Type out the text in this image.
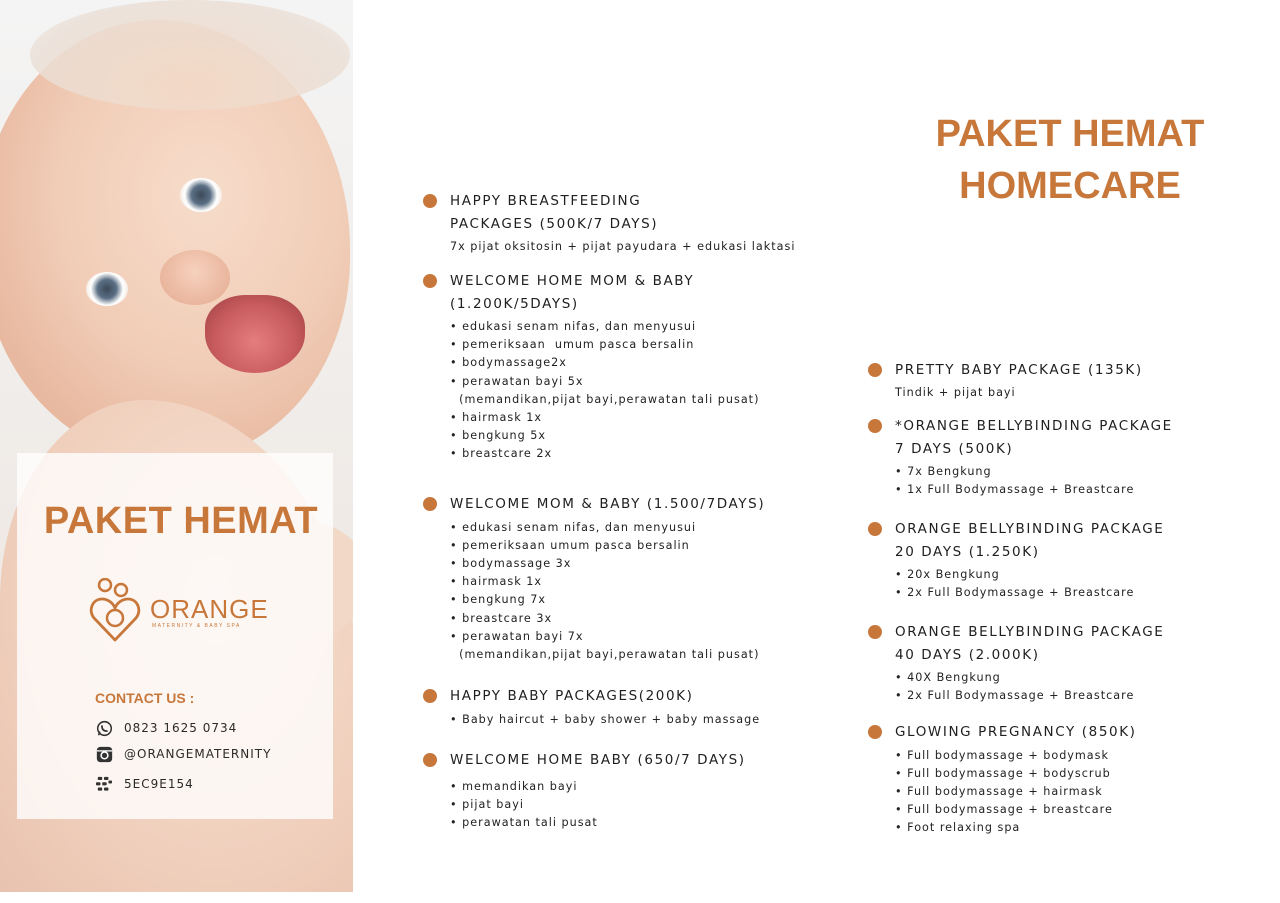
PAKET HEMAT
ORANGE
MATERNITY & BABY SPA
CONTACT US :
0823 1625 0734
@ORANGEMATERNITY
5EC9E154
PAKET HEMAT
HOMECARE
HAPPY BREASTFEEDING
PACKAGES (500K/7 DAYS)
7x pijat oksitosin + pijat payudara + edukasi laktasi
WELCOME HOME MOM & BABY
(1.200K/5DAYS)
• edukasi senam nifas, dan menyusui
• pemeriksaan  umum pasca bersalin
• bodymassage2x
• perawatan bayi 5x
(memandikan,pijat bayi,perawatan tali pusat)
• hairmask 1x
• bengkung 5x
• breastcare 2x
WELCOME MOM & BABY (1.500/7DAYS)
• edukasi senam nifas, dan menyusui
• pemeriksaan umum pasca bersalin
• bodymassage 3x
• hairmask 1x
• bengkung 7x
• breastcare 3x
• perawatan bayi 7x
(memandikan,pijat bayi,perawatan tali pusat)
HAPPY BABY PACKAGES(200K)
• Baby haircut + baby shower + baby massage
WELCOME HOME BABY (650/7 DAYS)
• memandikan bayi
• pijat bayi
• perawatan tali pusat
PRETTY BABY PACKAGE (135K)
Tindik + pijat bayi
*ORANGE BELLYBINDING PACKAGE
7 DAYS (500K)
• 7x Bengkung
• 1x Full Bodymassage + Breastcare
ORANGE BELLYBINDING PACKAGE
20 DAYS (1.250K)
• 20x Bengkung
• 2x Full Bodymassage + Breastcare
ORANGE BELLYBINDING PACKAGE
40 DAYS (2.000K)
• 40X Bengkung
• 2x Full Bodymassage + Breastcare
GLOWING PREGNANCY (850K)
• Full bodymassage + bodymask
• Full bodymassage + bodyscrub
• Full bodymassage + hairmask
• Full bodymassage + breastcare
• Foot relaxing spa
